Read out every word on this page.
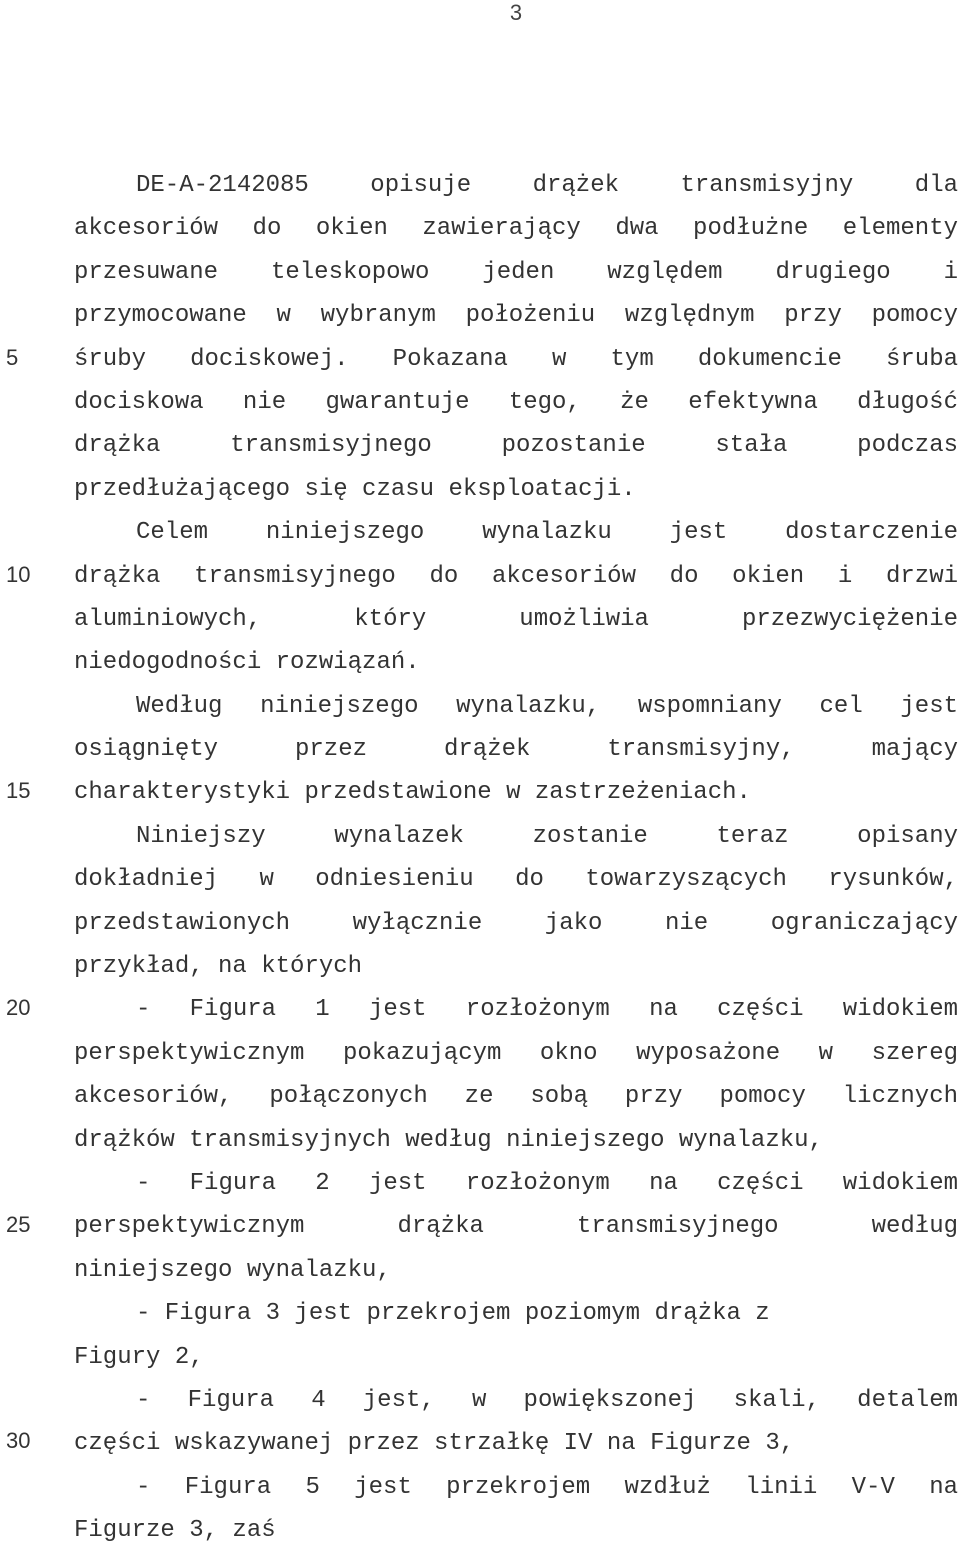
3
5
10
15
20
25
30
DE-A-2142085 opisuje drążek transmisyjny dla
akcesoriów do okien zawierający dwa podłużne elementy
przesuwane teleskopowo jeden względem drugiego i
przymocowane w wybranym położeniu względnym przy pomocy
śruby dociskowej. Pokazana w tym dokumencie śruba
dociskowa nie gwarantuje tego, że efektywna długość
drążka transmisyjnego pozostanie stała podczas
przedłużającego się czasu eksploatacji.
Celem niniejszego wynalazku jest dostarczenie
drążka transmisyjnego do akcesoriów do okien i drzwi
aluminiowych, który umożliwia przezwyciężenie
niedogodności rozwiązań.
Według niniejszego wynalazku, wspomniany cel jest
osiągnięty przez drążek transmisyjny, mający
charakterystyki przedstawione w zastrzeżeniach.
Niniejszy wynalazek zostanie teraz opisany
dokładniej w odniesieniu do towarzyszących rysunków,
przedstawionych wyłącznie jako nie ograniczający
przykład, na których
- Figura 1 jest rozłożonym na części widokiem
perspektywicznym pokazującym okno wyposażone w szereg
akcesoriów, połączonych ze sobą przy pomocy licznych
drążków transmisyjnych według niniejszego wynalazku,
- Figura 2 jest rozłożonym na części widokiem
perspektywicznym drążka transmisyjnego według
niniejszego wynalazku,
- Figura 3 jest przekrojem poziomym drążka z
Figury 2,
- Figura 4 jest, w powiększonej skali, detalem
części wskazywanej przez strzałkę IV na Figurze 3,
- Figura 5 jest przekrojem wzdłuż linii V-V na
Figurze 3, zaś
